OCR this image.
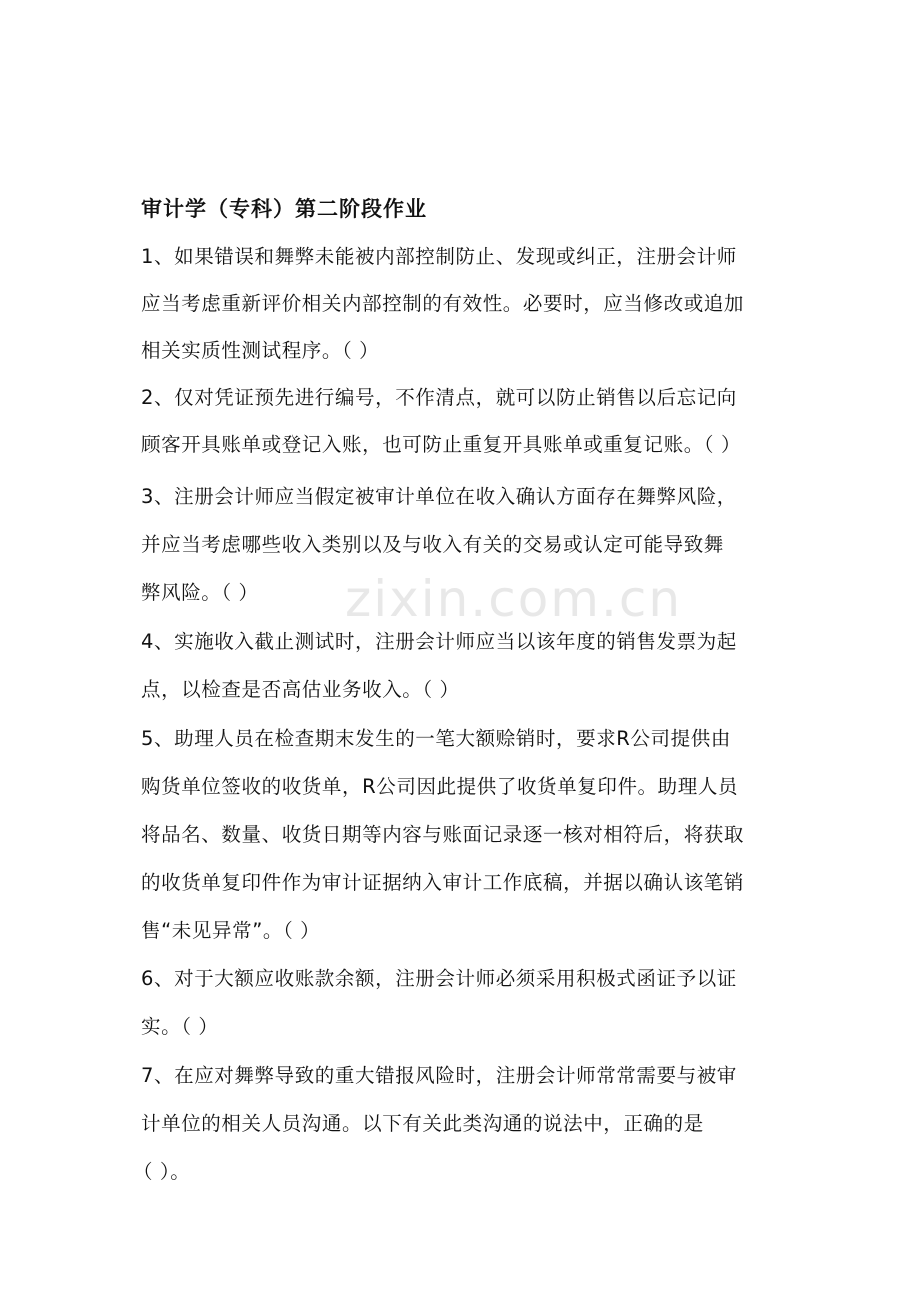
审计学（专科）第二阶段作业
1、如果错误和舞弊未能被内部控制防止、发现或纠正，注册会计师
应当考虑重新评价相关内部控制的有效性。必要时，应当修改或追加
相关实质性测试程序。（ ）
2、仅对凭证预先进行编号，不作清点，就可以防止销售以后忘记向
顾客开具账单或登记入账，也可防止重复开具账单或重复记账。（ ）
3、注册会计师应当假定被审计单位在收入确认方面存在舞弊风险，
并应当考虑哪些收入类别以及与收入有关的交易或认定可能导致舞
弊风险。（ ）
4、实施收入截止测试时，注册会计师应当以该年度的销售发票为起
点，以检查是否高估业务收入。（ ）
5、助理人员在检查期末发生的一笔大额赊销时，要求R公司提供由
购货单位签收的收货单，R公司因此提供了收货单复印件。助理人员
将品名、数量、收货日期等内容与账面记录逐一核对相符后，将获取
的收货单复印件作为审计证据纳入审计工作底稿，并据以确认该笔销
售“未见异常”。（ ）
6、对于大额应收账款余额，注册会计师必须采用积极式函证予以证
实。（ ）
7、在应对舞弊导致的重大错报风险时，注册会计师常常需要与被审
计单位的相关人员沟通。以下有关此类沟通的说法中，正确的是
（ ）。
zixin.com.cn
